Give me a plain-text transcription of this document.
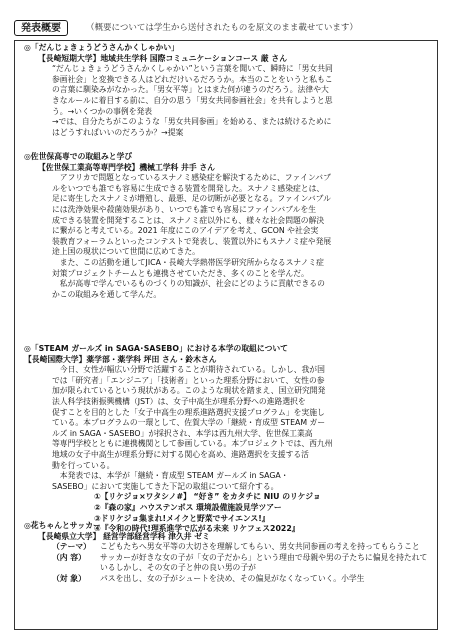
発表概要	（概要については学生から送付されたものを原文のまま載せています）

◎「だんじょきょうどうさんかくしゃかい」

【長崎短期大学】地域共生学科 国際コミュニケーションコース 厳 さん

“だんじょきょうどうさんかくしゃかい”という言葉を聞いて、瞬時に「男女共同

参画社会」と変換できる人はどれだけいるだろうか。本当のことをいうと私もこ

の言葉に馴染みがなかった。「男女平等」とはまた何が違うのだろう。法律や大

きなルールに着目する前に、自分の思う「男女共同参画社会」を共有しようと思

う。→いくつかの事例を発表

→では、自分たちがこのような「男女共同参画」を始める、または続けるために

はどうすればいいのだろうか？→提案

◎佐世保高専での取組みと学び

【佐世保工業高等専門学校】機械工学科 井手 さん

アフリカで問題となっているスナノミ感染症を解決するために、ファインバブ

ルをいつでも誰でも容易に生成できる装置を開発した。スナノミ感染症とは、

足に寄生したスナノミが増殖し、最悪、足の切断が必要となる。ファインバブル

には洗浄効果や殺菌効果があり、いつでも誰でも容易にファインバブルを生

成できる装置を開発することは、スナノミ症以外にも、様々な社会問題の解決

に繋がると考えている。2021 年度にこのアイデアを考え、GCON や社会実

装教育フォーラムといったコンテストで発表し、装置以外にもスナノミ症や発展

途上国の現状について世間に広めてきた。

また、この活動を通してJICA・長崎大学熱帯医学研究所からなるスナノミ症

対策プロジェクトチームとも連携させていただき、多くのことを学んだ。

私が高専で学んでいるものづくりの知識が、社会にどのように貢献できるの

かこの取組みを通して学んだ。

◎「STEAM ガールズ in SAGA･SASEBO」における本学の取組について

【長崎国際大学】薬学部・薬学科 坪田 さん・鈴木さん

今日、女性が幅広い分野で活躍することが期待されている。しかし、我が国

では「研究者」「エンジニア」「技術者」といった理系分野において、女性の参

加が限られているという現状がある。このような現状を踏まえ、国立研究開発

法人科学技術振興機構（JST）は、女子中高生が理系分野への進路選択を

促すことを目的とした「女子中高生の理系進路選択支援プログラム」を実施し

ている。本プログラムの一環として、佐賀大学の「継続・育成型 STEAM ガー

ルズ in SAGA・SASEBO」が採択され、本学は西九州大学、佐世保工業高

等専門学校とともに連携機関として参画している。本プロジェクトでは、西九州

地域の女子中高生が理系分野に対する関心を高め、進路選択を支援する活

動を行っている。

本発表では、本学が「継続・育成型 STEAM ガールズ in SAGA・

SASEBO」において実施してきた下記の取組について紹介する。

①【リケジョ×ワタシノ#】 “好き” をカタチに NIU のリケジョ

②『森の家』ハウステンボス 環境設備施設見学ツアー

③ドリケジョ集まれ!メイクと野菜でサイエンス!』

④『令和の時代!理系進学で広がる未来 リケフェス2022』

◎花ちゃんとサッカー

【長崎県立大学】 経営学部経営学科 津久井 ゼミ

（テーマ）	こどもたちへ男女平等の大切さを理解してもらい、男女共同参画の考えを持ってもらうこと
（内 容）	サッカーが好きな女の子が「女の子だから」という理由で母親や男の子たちに偏見を持たれているしかし、その女の子と仲の良い男の子が
（対 象）	パスを出し、女の子がシュートを決め、その偏見がなくなっていく。小学生
